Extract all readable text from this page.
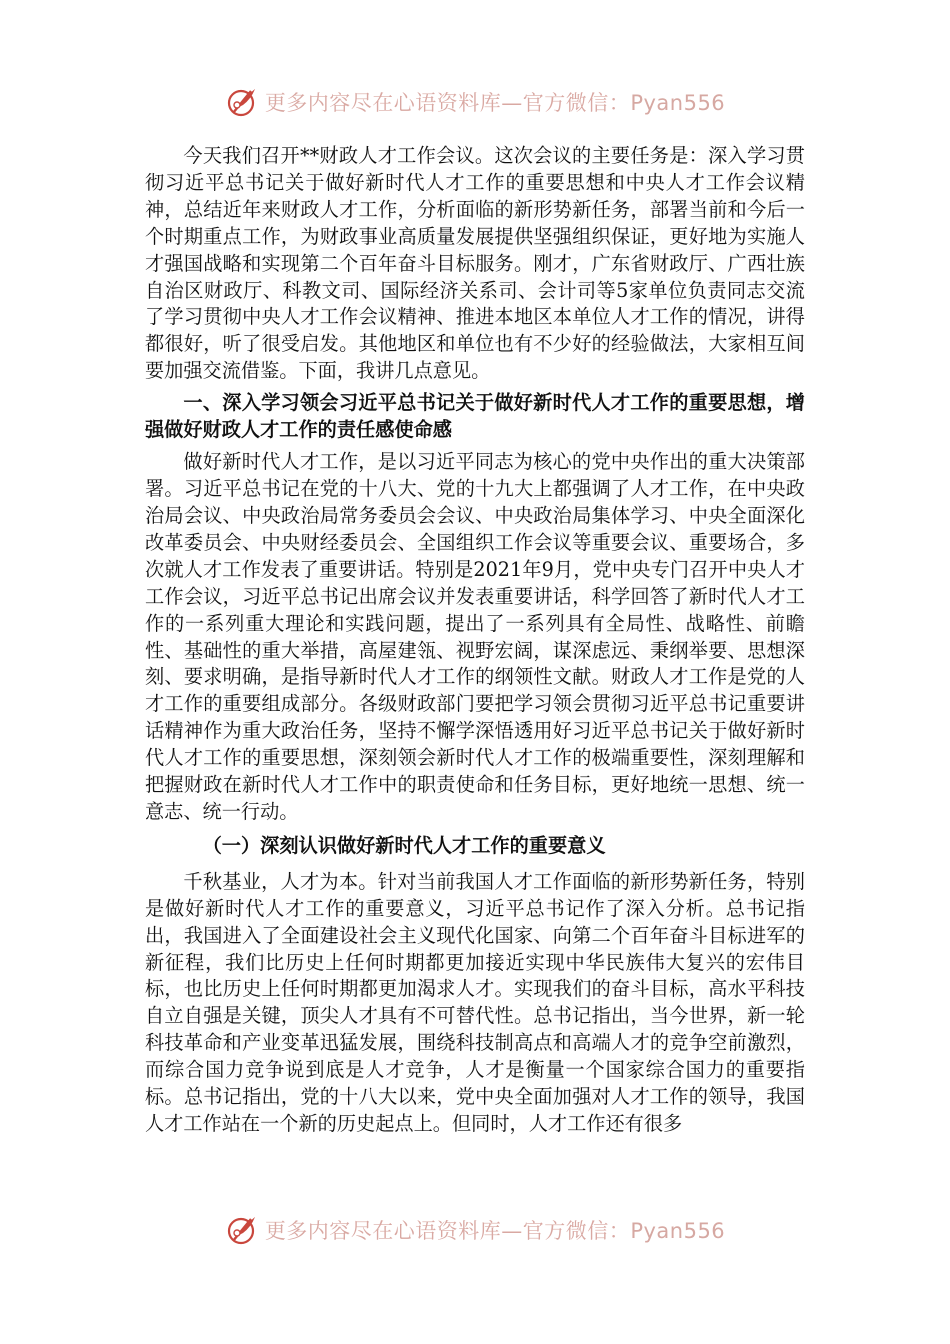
更多内容尽在心语资料库—官方微信：Pyan556

今天我们召开**财政人才工作会议。这次会议的主要任务是：深入学习贯彻习近平总书记关于做好新时代人才工作的重要思想和中央人才工作会议精神，总结近年来财政人才工作，分析面临的新形势新任务，部署当前和今后一个时期重点工作，为财政事业高质量发展提供坚强组织保证，更好地为实施人才强国战略和实现第二个百年奋斗目标服务。刚才，广东省财政厅、广西壮族自治区财政厅、科教文司、国际经济关系司、会计司等5家单位负责同志交流了学习贯彻中央人才工作会议精神、推进本地区本单位人才工作的情况，讲得都很好，听了很受启发。其他地区和单位也有不少好的经验做法，大家相互间要加强交流借鉴。下面，我讲几点意见。

一、深入学习领会习近平总书记关于做好新时代人才工作的重要思想，增强做好财政人才工作的责任感使命感

做好新时代人才工作，是以习近平同志为核心的党中央作出的重大决策部署。习近平总书记在党的十八大、党的十九大上都强调了人才工作，在中央政治局会议、中央政治局常务委员会会议、中央政治局集体学习、中央全面深化改革委员会、中央财经委员会、全国组织工作会议等重要会议、重要场合，多次就人才工作发表了重要讲话。特别是2021年9月，党中央专门召开中央人才工作会议，习近平总书记出席会议并发表重要讲话，科学回答了新时代人才工作的一系列重大理论和实践问题，提出了一系列具有全局性、战略性、前瞻性、基础性的重大举措，高屋建瓴、视野宏阔，谋深虑远、秉纲举要、思想深刻、要求明确，是指导新时代人才工作的纲领性文献。财政人才工作是党的人才工作的重要组成部分。各级财政部门要把学习领会贯彻习近平总书记重要讲话精神作为重大政治任务，坚持不懈学深悟透用好习近平总书记关于做好新时代人才工作的重要思想，深刻领会新时代人才工作的极端重要性，深刻理解和把握财政在新时代人才工作中的职责使命和任务目标，更好地统一思想、统一意志、统一行动。

（一）深刻认识做好新时代人才工作的重要意义

千秋基业，人才为本。针对当前我国人才工作面临的新形势新任务，特别是做好新时代人才工作的重要意义，习近平总书记作了深入分析。总书记指出，我国进入了全面建设社会主义现代化国家、向第二个百年奋斗目标进军的新征程，我们比历史上任何时期都更加接近实现中华民族伟大复兴的宏伟目标，也比历史上任何时期都更加渴求人才。实现我们的奋斗目标，高水平科技自立自强是关键，顶尖人才具有不可替代性。总书记指出，当今世界，新一轮科技革命和产业变革迅猛发展，围绕科技制高点和高端人才的竞争空前激烈，而综合国力竞争说到底是人才竞争，人才是衡量一个国家综合国力的重要指标。总书记指出，党的十八大以来，党中央全面加强对人才工作的领导，我国人才工作站在一个新的历史起点上。但同时，人才工作还有很多

更多内容尽在心语资料库—官方微信：Pyan556
